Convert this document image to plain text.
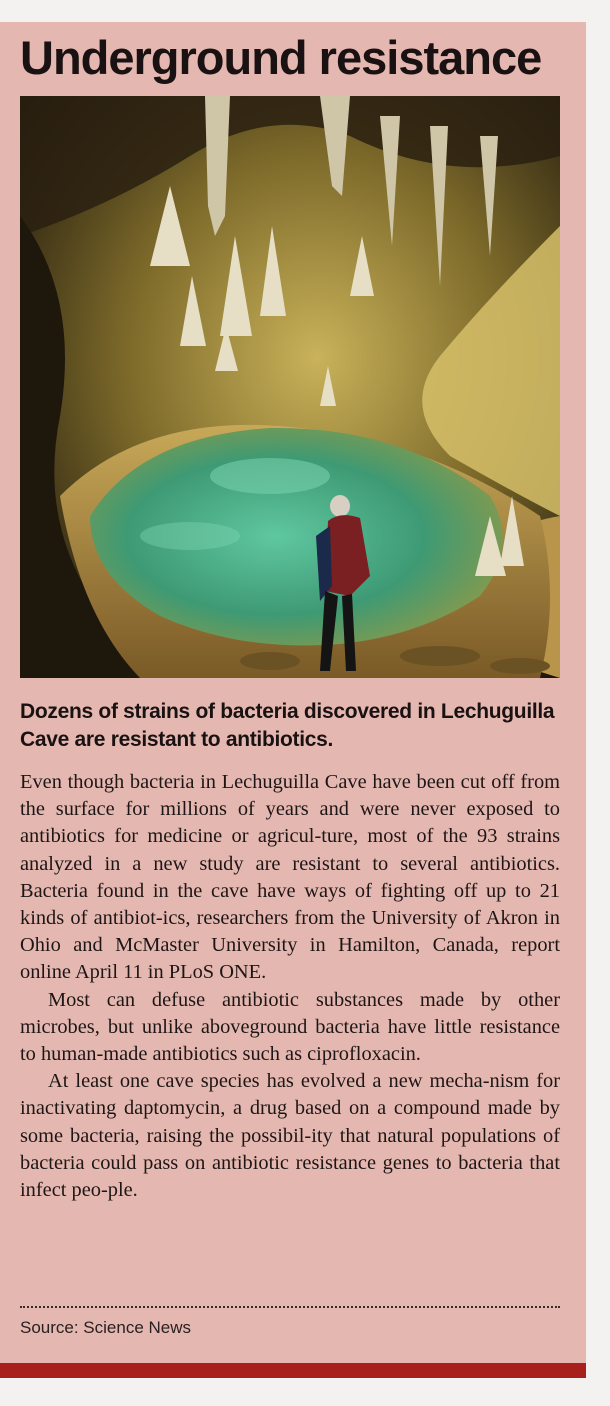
Underground resistance
Dozens of strains of bacteria discovered in Lechuguilla Cave are resistant to antibiotics.

Even though bacteria in Lechuguilla Cave have been cut off from the surface for millions of years and were never exposed to antibiotics for medicine or agricul-ture, most of the 93 strains analyzed in a new study are resistant to several antibiotics. Bacteria found in the cave have ways of fighting off up to 21 kinds of antibiot-ics, researchers from the University of Akron in Ohio and McMaster University in Hamilton, Canada, report online April 11 in PLoS ONE.

Most can defuse antibiotic substances made by other microbes, but unlike aboveground bacteria have little resistance to human-made antibiotics such as ciprofloxacin.

At least one cave species has evolved a new mecha-nism for inactivating daptomycin, a drug based on a compound made by some bacteria, raising the possibil-ity that natural populations of bacteria could pass on antibiotic resistance genes to bacteria that infect peo-ple.

Source: Science News
